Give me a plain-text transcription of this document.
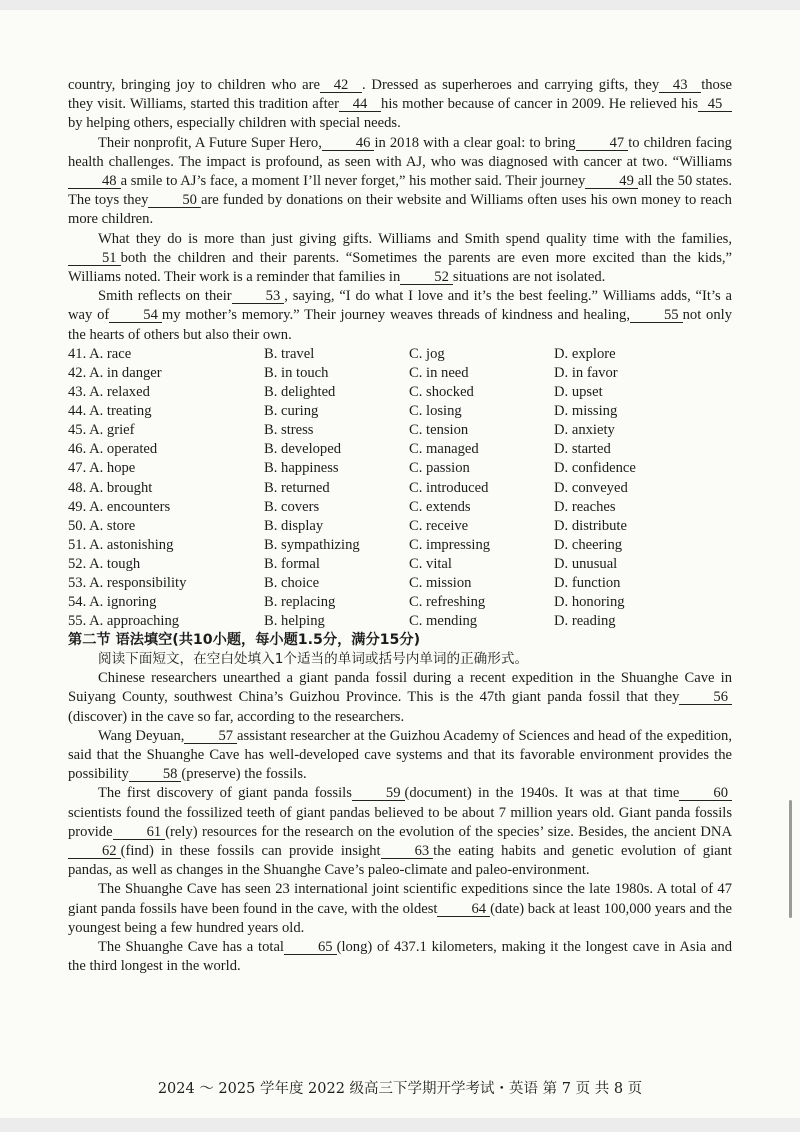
country, bringing joy to children who are 42 . Dressed as superheroes and carrying gifts, they 43 those they visit. Williams, started this tradition after 44 his mother because of cancer in 2009. He relieved his 45by helping others, especially children with special needs.

Their nonprofit, A Future Super Hero, 46 in 2018 with a clear goal: to bring 47 to children facing health challenges. The impact is profound, as seen with AJ, who was diagnosed with cancer at two. “Williams48 a smile to AJ’s face, a moment I’ll never forget,” his mother said. Their journey 49 all the 50 states. The toys they 50 are funded by donations on their website and Williams often uses his own money to reach more children.

What they do is more than just giving gifts. Williams and Smith spend quality time with the families,51 both the children and their parents. “Sometimes the parents are even more excited than the kids,” Williams noted. Their work is a reminder that families in 52 situations are not isolated.

Smith reflects on their 53 , saying, “I do what I love and it’s the best feeling.” Williams adds, “It’s a way of 54 my mother’s memory.” Their journey weaves threads of kindness and healing, 55 not only the hearts of others but also their own.

41. A. race	B. travel	C. jog	D. explore
42. A. in danger	B. in touch	C. in need	D. in favor
43. A. relaxed	B. delighted	C. shocked	D. upset
44. A. treating	B. curing	C. losing	D. missing
45. A. grief	B. stress	C. tension	D. anxiety
46. A. operated	B. developed	C. managed	D. started
47. A. hope	B. happiness	C. passion	D. confidence
48. A. brought	B. returned	C. introduced	D. conveyed
49. A. encounters	B. covers	C. extends	D. reaches
50. A. store	B. display	C. receive	D. distribute
51. A. astonishing	B. sympathizing	C. impressing	D. cheering
52. A. tough	B. formal	C. vital	D. unusual
53. A. responsibility	B. choice	C. mission	D. function
54. A. ignoring	B. replacing	C. refreshing	D. honoring
55. A. approaching	B. helping	C. mending	D. reading
第二节 语法填空(共10小题，每小题1.5分，满分15分)
阅读下面短文，在空白处填入1个适当的单词或括号内单词的正确形式。

Chinese researchers unearthed a giant panda fossil during a recent expedition in the Shuanghe Cave in Suiyang County, southwest China’s Guizhou Province. This is the 47th giant panda fossil that they 56(discover) in the cave so far, according to the researchers.

Wang Deyuan, 57 assistant researcher at the Guizhou Academy of Sciences and head of the expedition, said that the Shuanghe Cave has well-developed cave systems and that its favorable environment provides the possibility 58 (preserve) the fossils.

The first discovery of giant panda fossils 59 (document) in the 1940s. It was at that time 60scientists found the fossilized teeth of giant pandas believed to be about 7 million years old. Giant panda fossils provide 61 (rely) resources for the research on the evolution of the species’ size. Besides, the ancient DNA62 (find) in these fossils can provide insight 63 the eating habits and genetic evolution of giant pandas, as well as changes in the Shuanghe Cave’s paleo-climate and paleo-environment.

The Shuanghe Cave has seen 23 international joint scientific expeditions since the late 1980s. A total of 47 giant panda fossils have been found in the cave, with the oldest 64 (date) back at least 100,000 years and the youngest being a few hundred years old.

The Shuanghe Cave has a total 65 (long) of 437.1 kilometers, making it the longest cave in Asia and the third longest in the world.

2024 ～ 2025 学年度 2022 级高三下学期开学考试・英语 第 7 页 共 8 页
